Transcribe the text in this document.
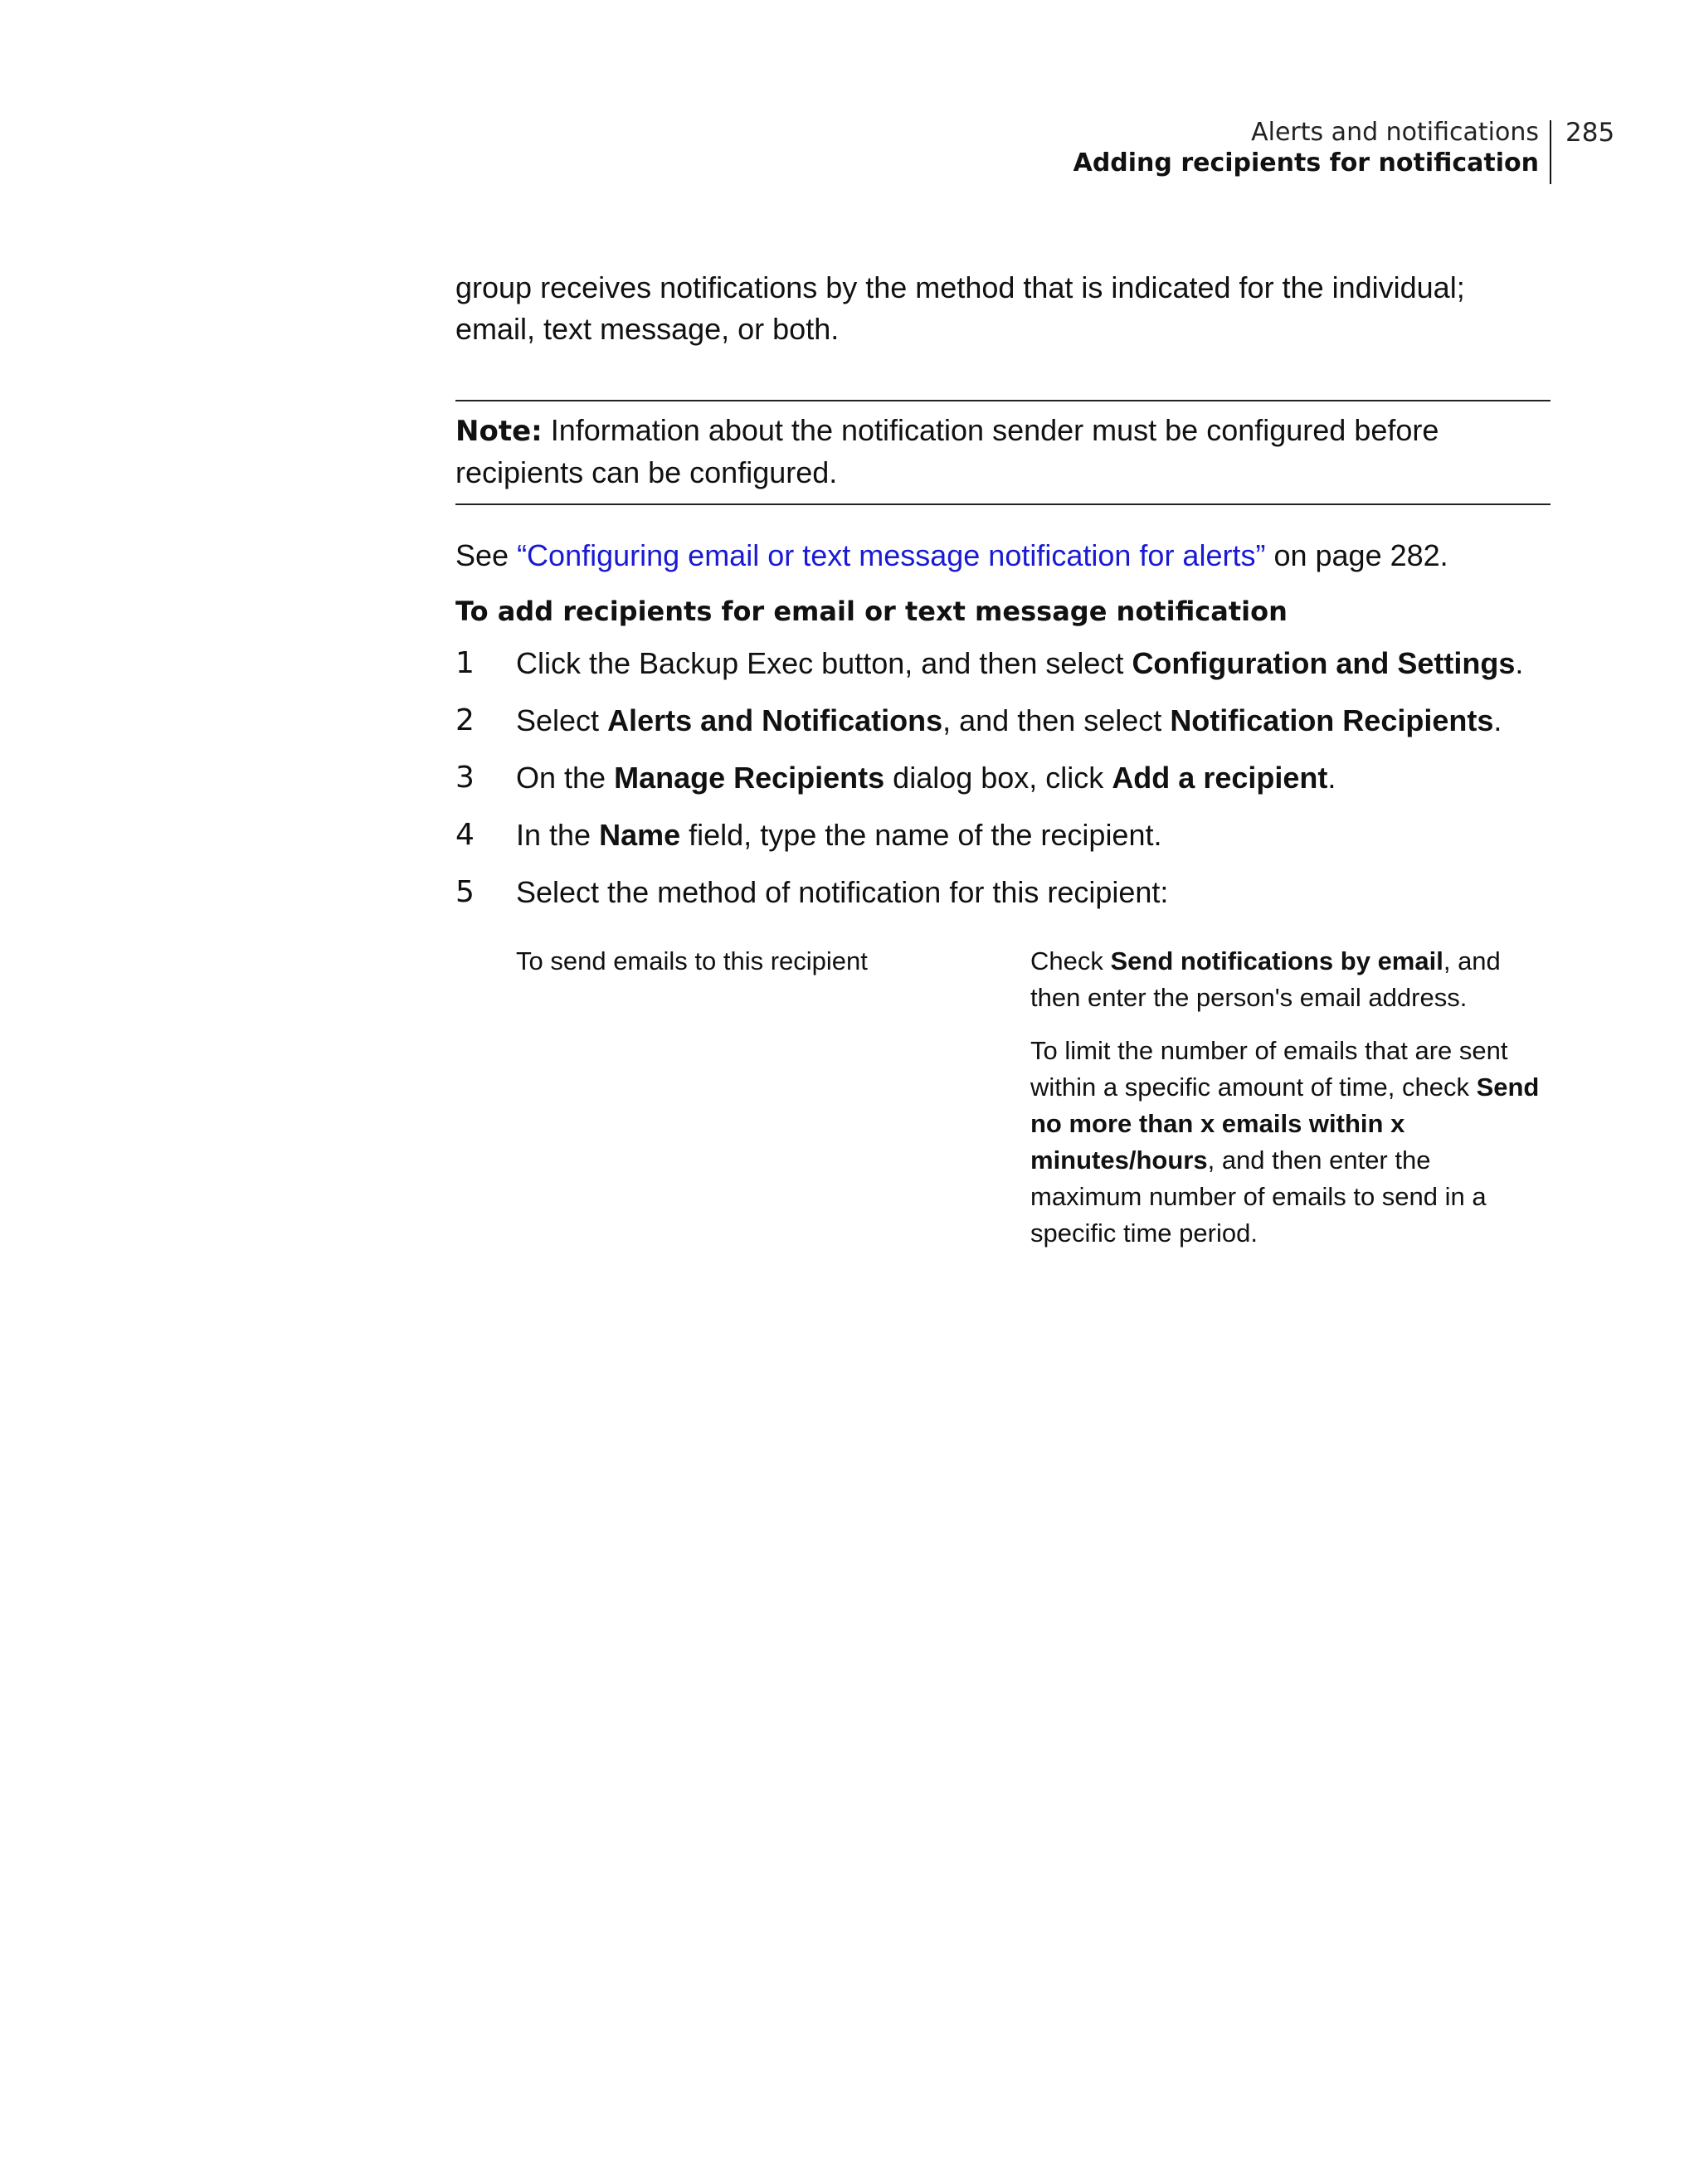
Alerts and notifications
Adding recipients for notification
285

group receives notifications by the method that is indicated for the individual; email, text message, or both.

Note: Information about the notification sender must be configured before recipients can be configured.
See “Configuring email or text message notification for alerts” on page 282.
To add recipients for email or text message notification
1	Click the Backup Exec button, and then select Configuration and Settings.
2	Select Alerts and Notifications, and then select Notification Recipients.
3	On the Manage Recipients dialog box, click Add a recipient.
4	In the Name field, type the name of the recipient.
5	Select the method of notification for this recipient:

To send emails to this recipient	Check Send notifications by email, and then enter the person's email address.

To limit the number of emails that are sent within a specific amount of time, check Send no more than x emails within x minutes/hours, and then enter the maximum number of emails to send in a specific time period.
